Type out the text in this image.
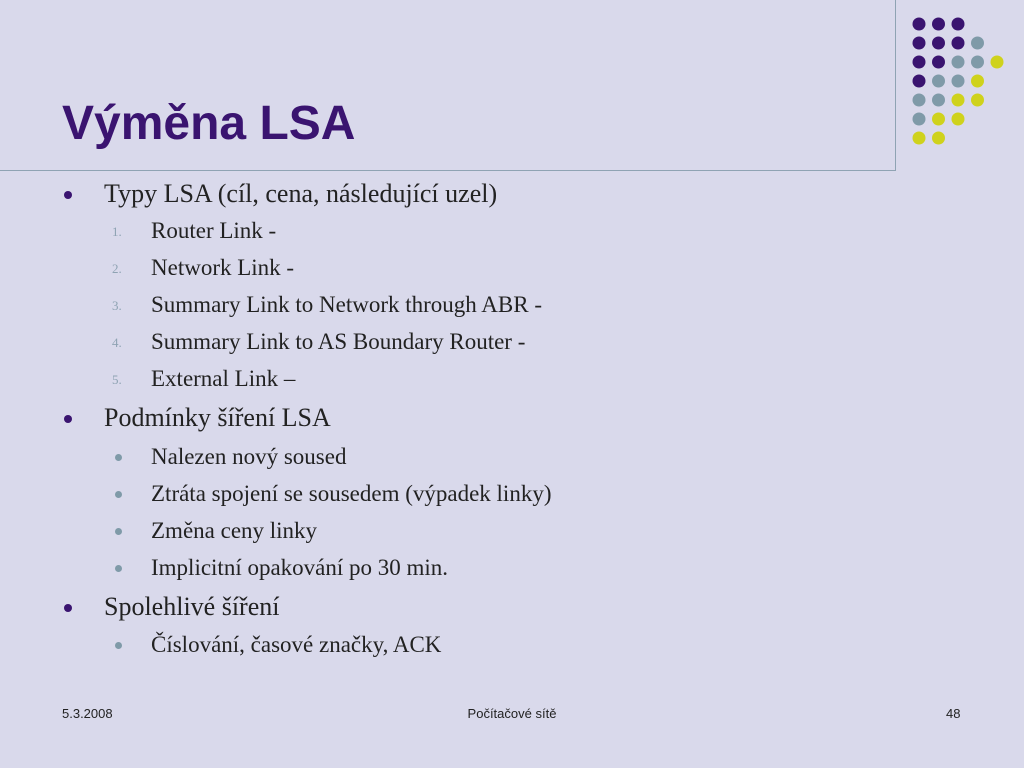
Výměna LSA
Typy LSA (cíl, cena, následující uzel)
1.	Router Link -
2.	Network Link -
3.	Summary Link to Network through ABR -
4.	Summary Link to AS Boundary Router -
5.	External Link –
Podmínky šíření LSA
Nalezen nový soused
Ztráta spojení se sousedem (výpadek linky)
Změna ceny linky
Implicitní opakování po 30 min.
Spolehlivé šíření
Číslování, časové značky, ACK
5.3.2008	Počítačové sítě	48
